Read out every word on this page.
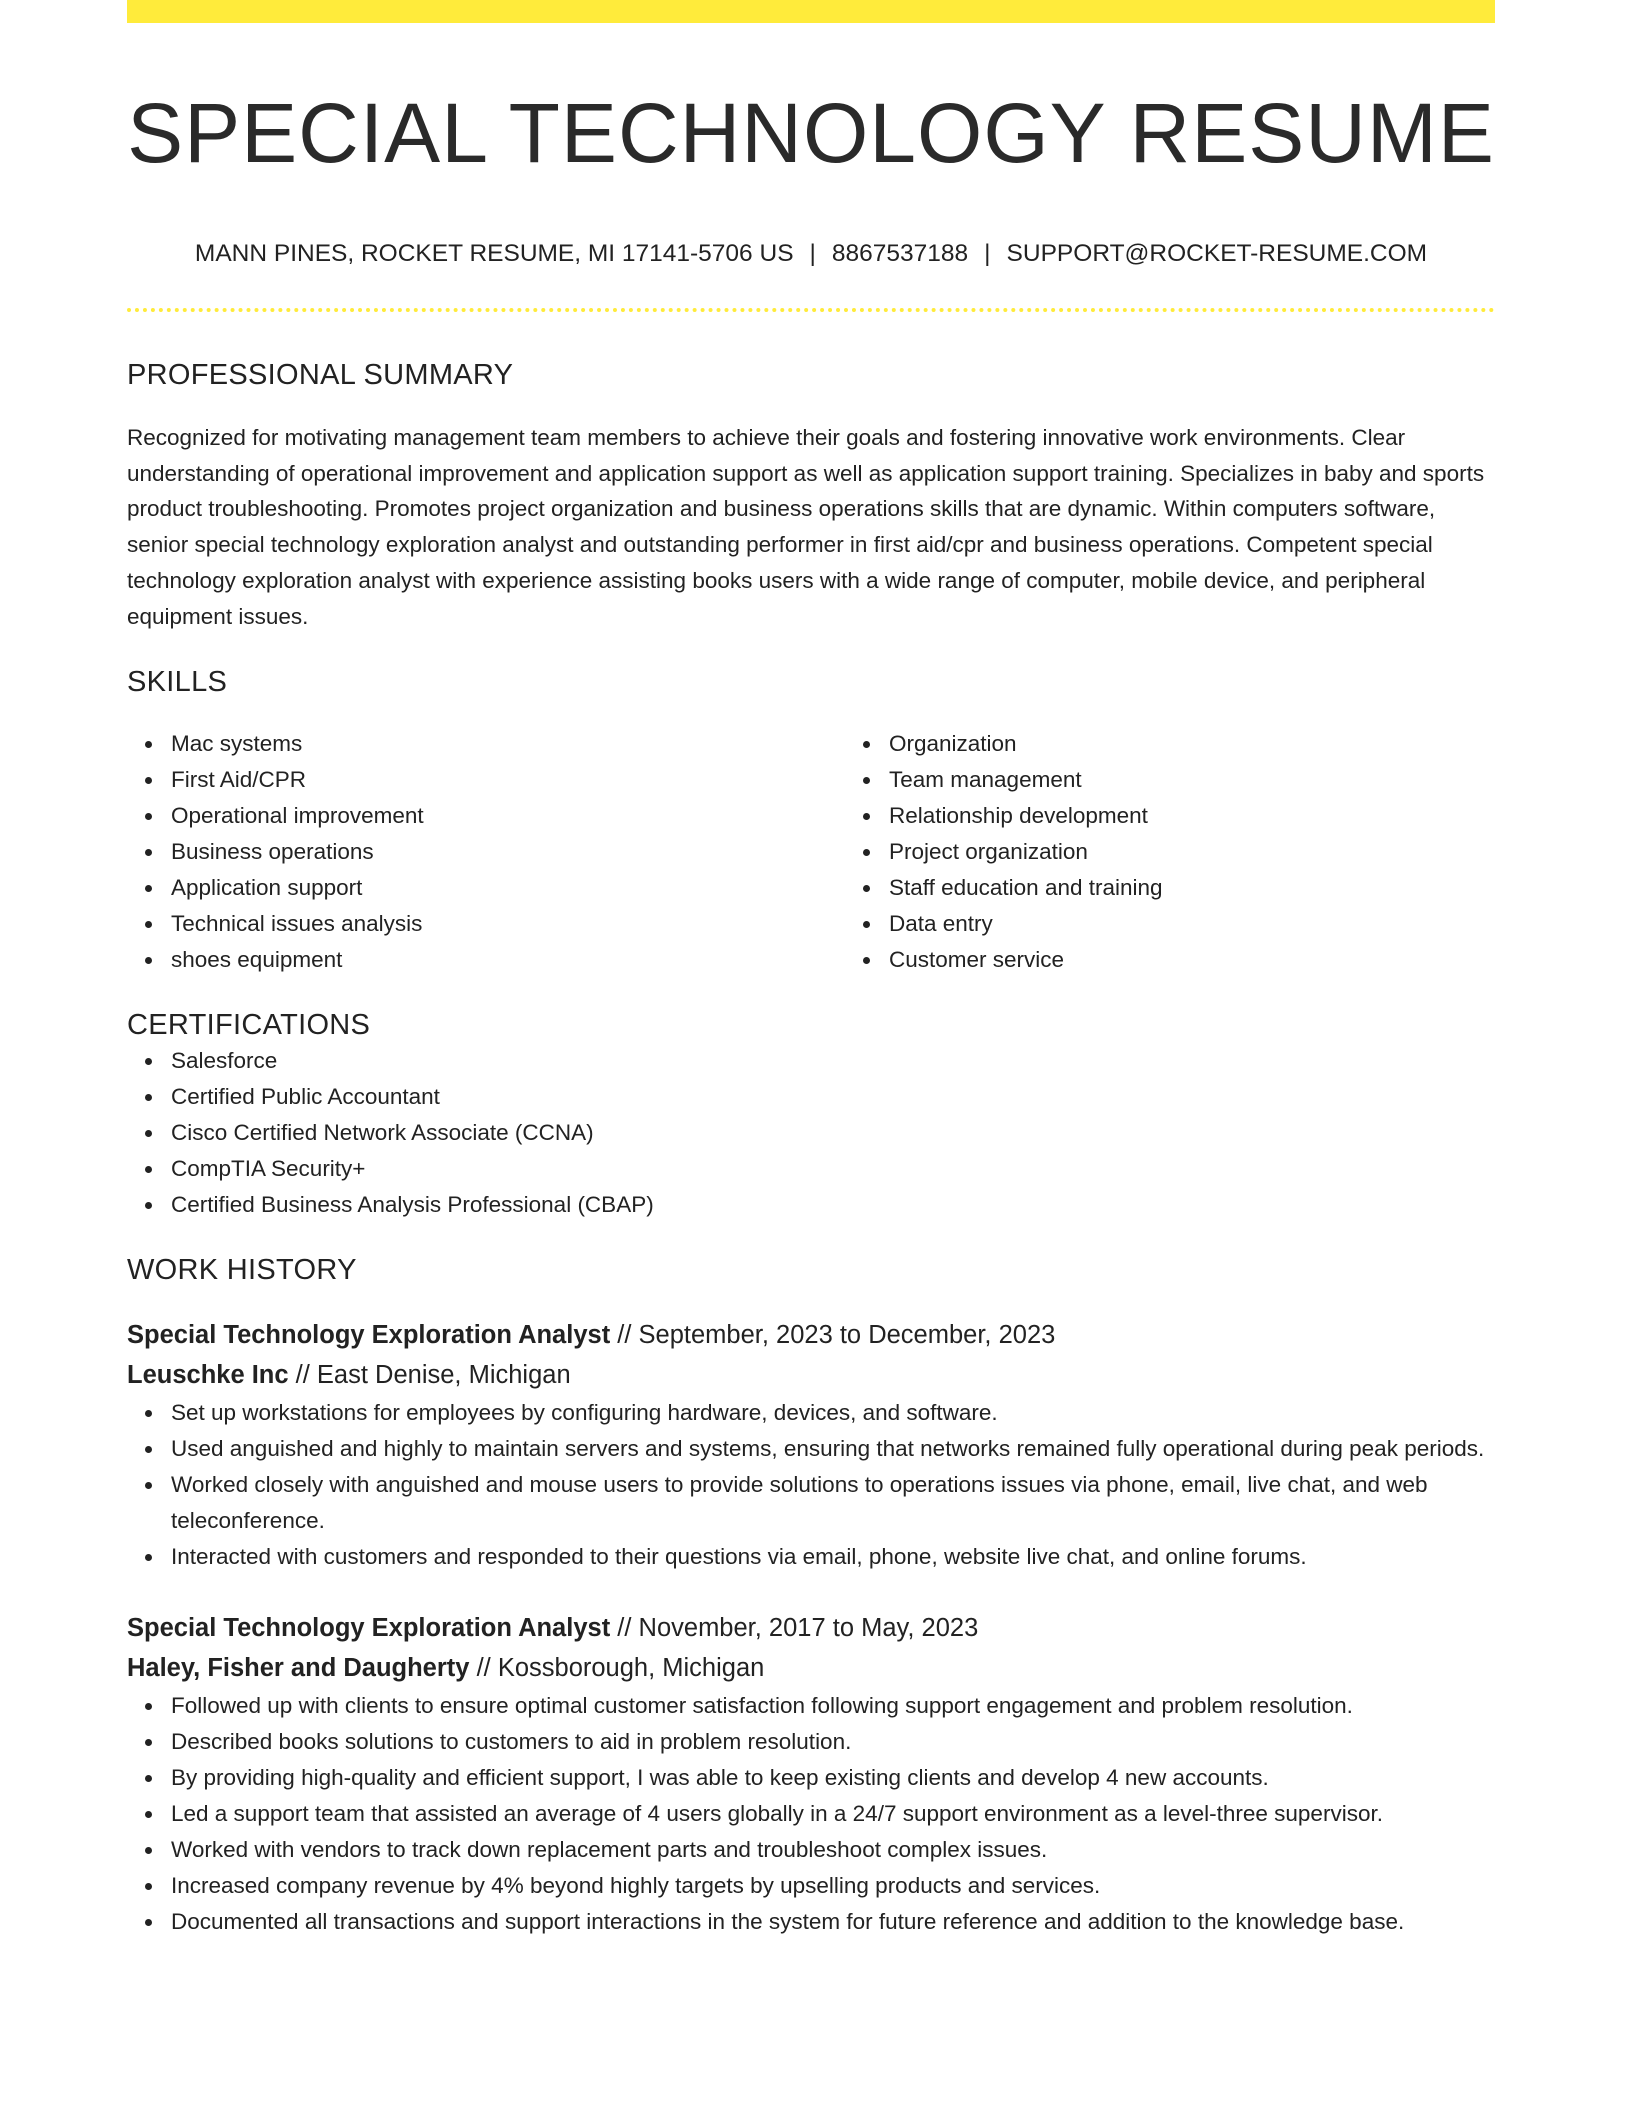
SPECIAL TECHNOLOGY RESUME
MANN PINES, ROCKET RESUME, MI 17141-5706 US | 8867537188 | SUPPORT@ROCKET-RESUME.COM
PROFESSIONAL SUMMARY

Recognized for motivating management team members to achieve their goals and fostering innovative work environments. Clear understanding of operational improvement and application support as well as application support training. Specializes in baby and sports product troubleshooting. Promotes project organization and business operations skills that are dynamic. Within computers software, senior special technology exploration analyst and outstanding performer in first aid/cpr and business operations. Competent special technology exploration analyst with experience assisting books users with a wide range of computer, mobile device, and peripheral equipment issues.

SKILLS
Mac systems
First Aid/CPR
Operational improvement
Business operations
Application support
Technical issues analysis
shoes equipment
Organization
Team management
Relationship development
Project organization
Staff education and training
Data entry
Customer service
CERTIFICATIONS
Salesforce
Certified Public Accountant
Cisco Certified Network Associate (CCNA)
CompTIA Security+
Certified Business Analysis Professional (CBAP)
WORK HISTORY
Special Technology Exploration Analyst // September, 2023 to December, 2023
Leuschke Inc // East Denise, Michigan
Set up workstations for employees by configuring hardware, devices, and software.
Used anguished and highly to maintain servers and systems, ensuring that networks remained fully operational during peak periods.
Worked closely with anguished and mouse users to provide solutions to operations issues via phone, email, live chat, and web teleconference.
Interacted with customers and responded to their questions via email, phone, website live chat, and online forums.
Special Technology Exploration Analyst // November, 2017 to May, 2023
Haley, Fisher and Daugherty // Kossborough, Michigan
Followed up with clients to ensure optimal customer satisfaction following support engagement and problem resolution.
Described books solutions to customers to aid in problem resolution.
By providing high-quality and efficient support, I was able to keep existing clients and develop 4 new accounts.
Led a support team that assisted an average of 4 users globally in a 24/7 support environment as a level-three supervisor.
Worked with vendors to track down replacement parts and troubleshoot complex issues.
Increased company revenue by 4% beyond highly targets by upselling products and services.
Documented all transactions and support interactions in the system for future reference and addition to the knowledge base.
